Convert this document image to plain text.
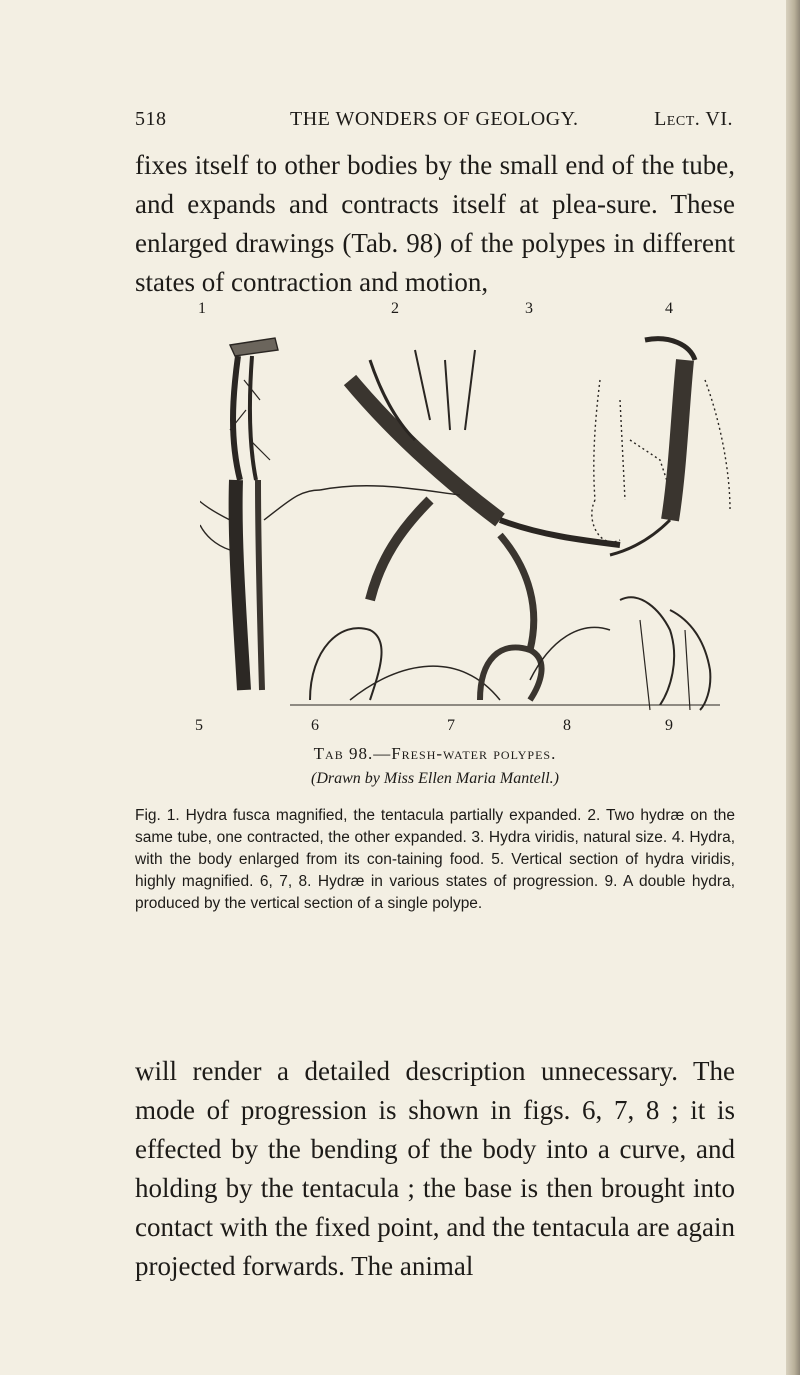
518	THE WONDERS OF GEOLOGY.	Lect. VI.

fixes itself to other bodies by the small end of the tube, and expands and contracts itself at plea-sure. These enlarged drawings (Tab. 98) of the polypes in different states of contraction and motion,

1	2	3	4
5	6	7	8	9
Tab 98.—Fresh-water polypes.
(Drawn by Miss Ellen Maria Mantell.)

Fig. 1. Hydra fusca magnified, the tentacula partially expanded. 2. Two hydræ on the same tube, one contracted, the other expanded. 3. Hydra viridis, natural size. 4. Hydra, with the body enlarged from its con-taining food. 5. Vertical section of hydra viridis, highly magnified. 6, 7, 8. Hydræ in various states of progression. 9. A double hydra, produced by the vertical section of a single polype.

will render a detailed description unnecessary. The mode of progression is shown in figs. 6, 7, 8 ; it is effected by the bending of the body into a curve, and holding by the tentacula ; the base is then brought into contact with the fixed point, and the tentacula are again projected forwards. The animal
